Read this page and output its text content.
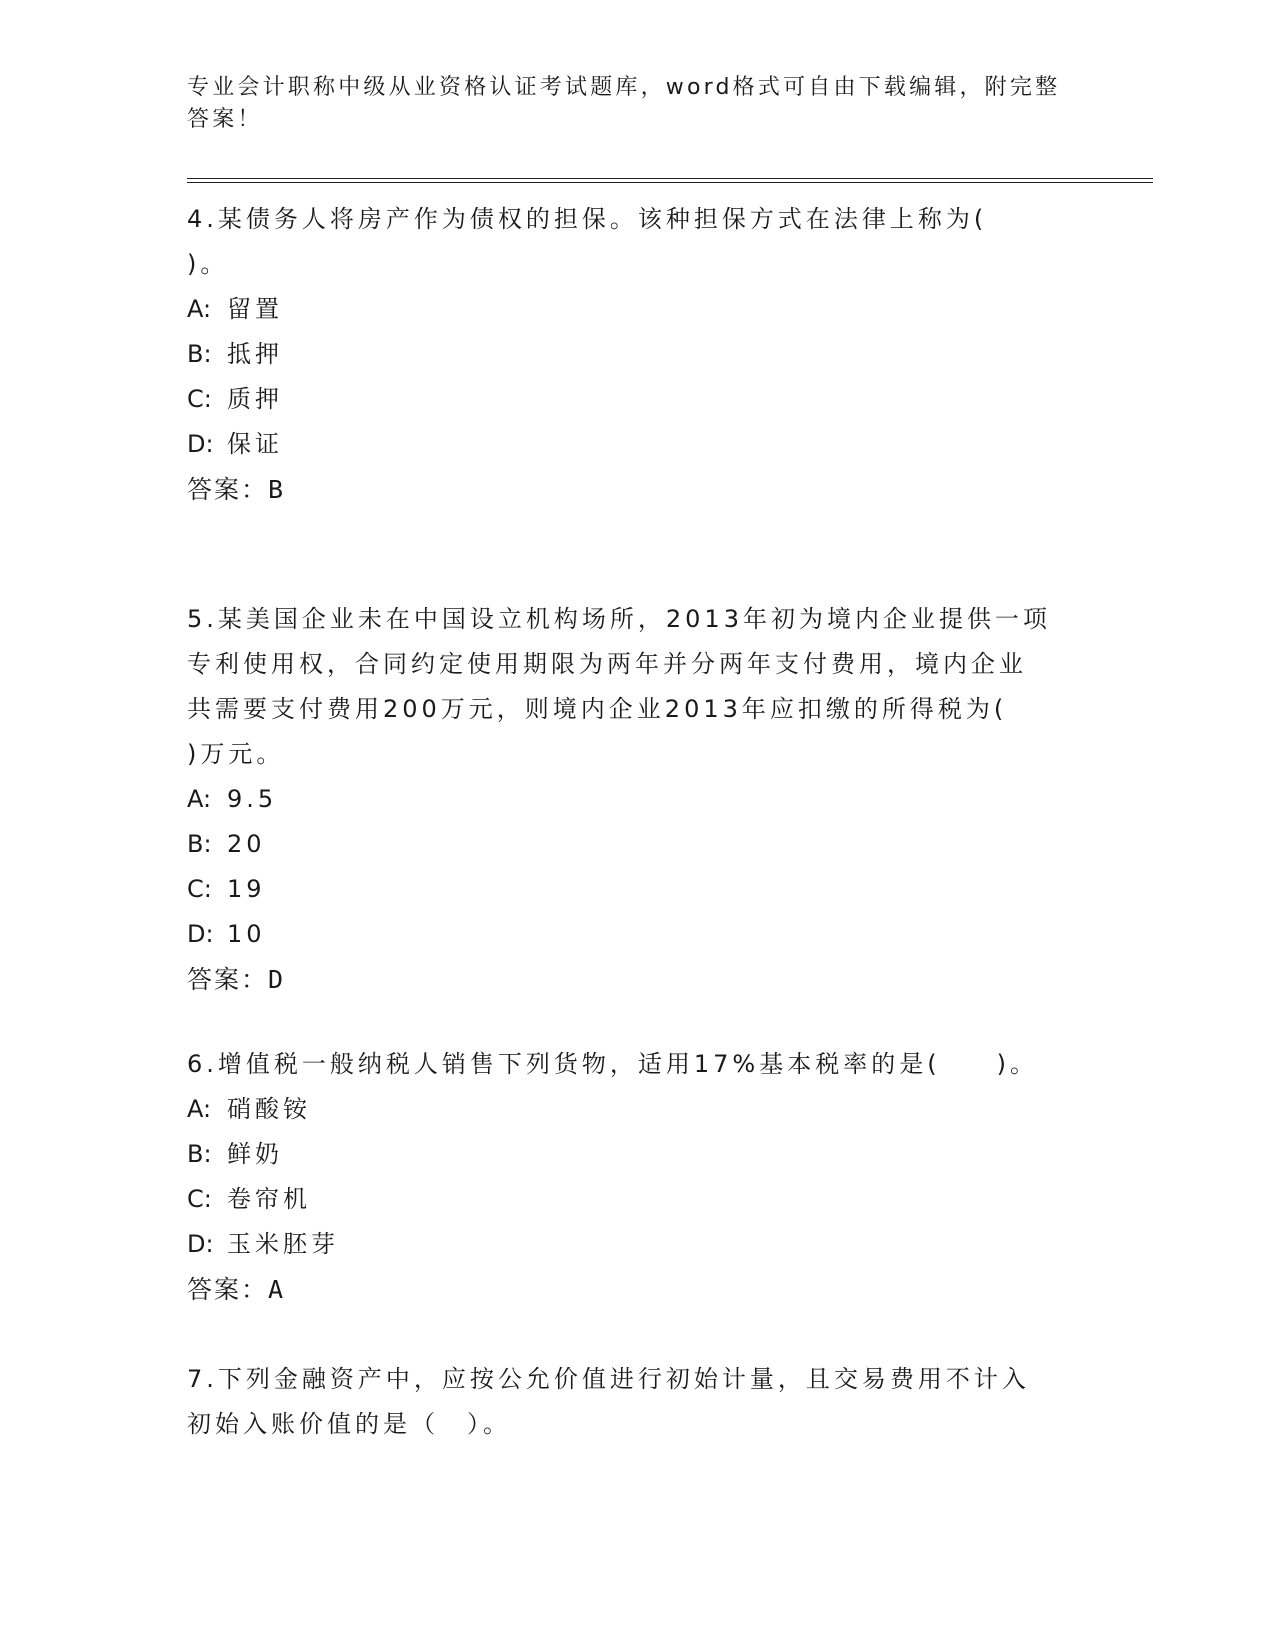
专业会计职称中级从业资格认证考试题库，word格式可自由下载编辑，附完整答案！
4.某债务人将房产作为债权的担保。该种担保方式在法律上称为(
)。
A: 留置
B: 抵押
C: 质押
D: 保证
答案：B
5.某美国企业未在中国设立机构场所，2013年初为境内企业提供一项
专利使用权，合同约定使用期限为两年并分两年支付费用，境内企业
共需要支付费用200万元，则境内企业2013年应扣缴的所得税为(
)万元。
A: 9.5
B: 20
C: 19
D: 10
答案：D
6.增值税一般纳税人销售下列货物，适用17%基本税率的是(　　)。
A: 硝酸铵
B: 鲜奶
C: 卷帘机
D: 玉米胚芽
答案：A
7.下列金融资产中，应按公允价值进行初始计量，且交易费用不计入
初始入账价值的是（　）。
